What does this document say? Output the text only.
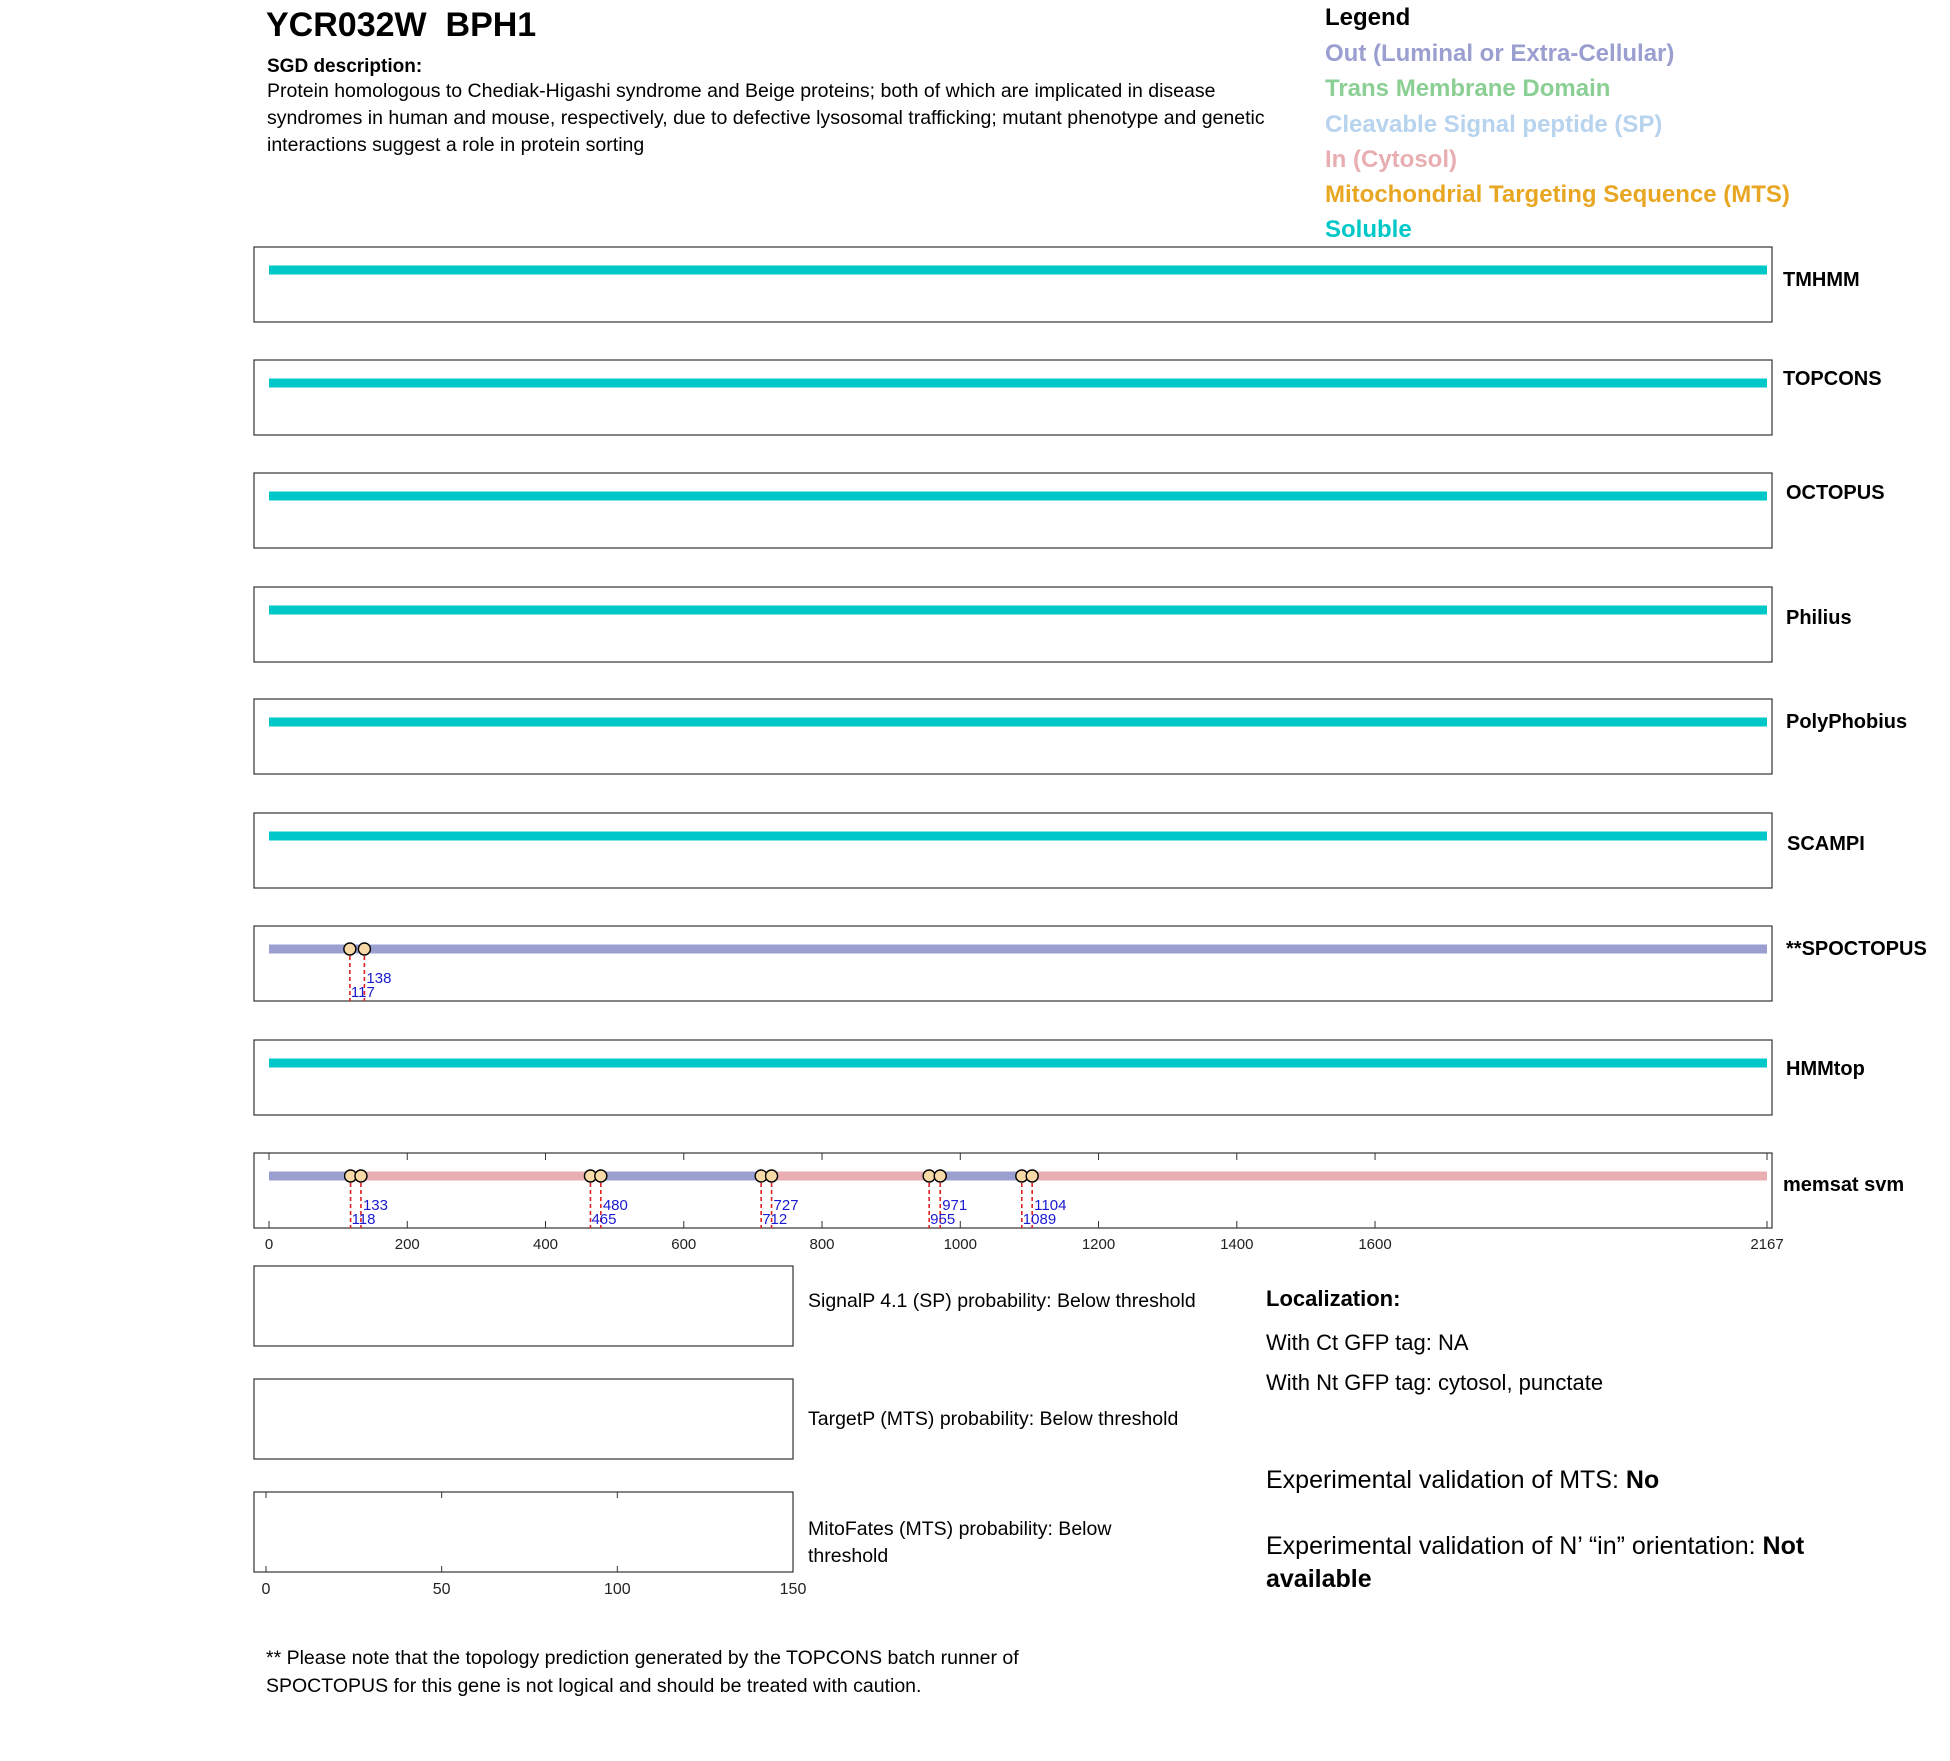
YCR032W BPH1
SGD description:
Protein homologous to Chediak-Higashi syndrome and Beige proteins; both of which are implicated in disease syndromes in human and mouse, respectively, due to defective lysosomal trafficking; mutant phenotype and genetic interactions suggest a role in protein sorting
Legend
Out (Luminal or Extra-Cellular)
Trans Membrane Domain
Cleavable Signal peptide (SP)
In (Cytosol)
Mitochondrial Targeting Sequence (MTS)
Soluble
TMHMM
TOPCONS
OCTOPUS
Philius
PolyPhobius
SCAMPI
138
117
**SPOCTOPUS
HMMtop
133
118
480
465
727
712
971
955
1104
1089
0	200	400	600	800	1000	1200	1400	1600	2167
memsat svm
0	50	100	150
SignalP 4.1 (SP) probability: Below threshold
TargetP (MTS) probability: Below threshold
MitoFates (MTS) probability: Below threshold
Localization:
With Ct GFP tag: NA
With Nt GFP tag: cytosol, punctate
Experimental validation of MTS: No
Experimental validation of N’ “in” orientation: Not available
** Please note that the topology prediction generated by the TOPCONS batch runner of SPOCTOPUS for this gene is not logical and should be treated with caution.
